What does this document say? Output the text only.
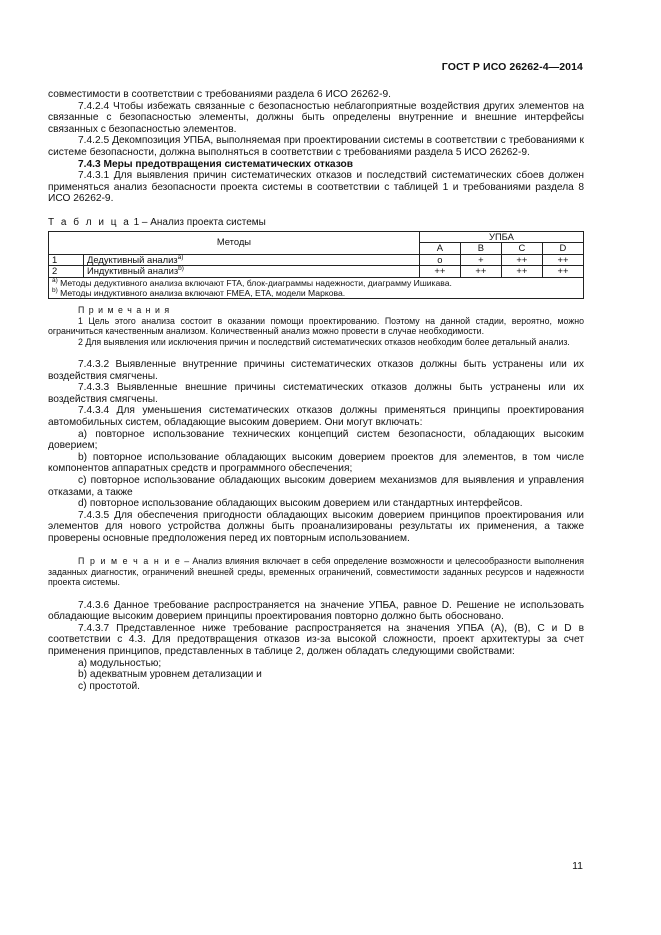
ГОСТ Р ИСО 26262-4—2014

совместимости в соответствии с требованиями раздела 6 ИСО 26262-9.

7.4.2.4 Чтобы избежать связанные с безопасностью неблагоприятные воздействия других элементов на связанные с безопасностью элементы, должны быть определены внутренние и внешние интерфейсы связанных с безопасностью элементов.

7.4.2.5 Декомпозиция УПБА, выполняемая при проектировании системы в соответствии с требованиями к системе безопасности, должна выполняться в соответствии с требованиями раздела 5 ИСО 26262-9.

7.4.3 Меры предотвращения систематических отказов

7.4.3.1 Для выявления причин систематических отказов и последствий систематических сбоев должен применяться анализ безопасности проекта системы в соответствии с таблицей 1 и требованиями раздела 8 ИСО 26262-9.

Т а б л и ц а 1 – Анализ проекта системы
Методы		УПБА			
		A	B	C	D
1	Дедуктивный анализ$^{a)}$	o	+	++	++
2	Индуктивный анализ$^{b)}$	++	++	++	++

$^{a)}$ Методы дедуктивного анализа включают FTA, блок-диаграммы надежности, диаграмму Ишикава.
$^{b)}$ Методы индуктивного анализа включают FMEA, ETA, модели Маркова.					

П р и м е ч а н и я

1 Цель этого анализа состоит в оказании помощи проектированию. Поэтому на данной стадии, вероятно, можно ограничиться качественным анализом. Количественный анализ можно провести в случае необходимости.

2 Для выявления или исключения причин и последствий систематических отказов необходим более детальный анализ.

7.4.3.2 Выявленные внутренние причины систематических отказов должны быть устранены или их воздействия смягчены.

7.4.3.3 Выявленные внешние причины систематических отказов должны быть устранены или их воздействия смягчены.

7.4.3.4 Для уменьшения систематических отказов должны применяться принципы проектирования автомобильных систем, обладающие высоким доверием. Они могут включать:

a) повторное использование технических концепций систем безопасности, обладающих высоким доверием;

b) повторное использование обладающих высоким доверием проектов для элементов, в том числе компонентов аппаратных средств и программного обеспечения;

c) повторное использование обладающих высоким доверием механизмов для выявления и управления отказами, а также

d) повторное использование обладающих высоким доверием или стандартных интерфейсов.

7.4.3.5 Для обеспечения пригодности обладающих высоким доверием принципов проектирования или элементов для нового устройства должны быть проанализированы результаты их применения, а также проверены основные предположения перед их повторным использованием.

П р и м е ч а н и е – Анализ влияния включает в себя определение возможности и целесообразности выполнения заданных диагностик, ограничений внешней среды, временных ограничений, совместимости заданных ресурсов и надежности проекта системы.

7.4.3.6 Данное требование распространяется на значение УПБА, равное D. Решение не использовать обладающие высоким доверием принципы проектирования повторно должно быть обосновано.

7.4.3.7 Представленное ниже требование распространяется на значения УПБА (A), (B), C и D в соответствии с 4.3. Для предотвращения отказов из-за высокой сложности, проект архитектуры за счет применения принципов, представленных в таблице 2, должен обладать следующими свойствами:

a) модульностью;

b) адекватным уровнем детализации и

c) простотой.

11
